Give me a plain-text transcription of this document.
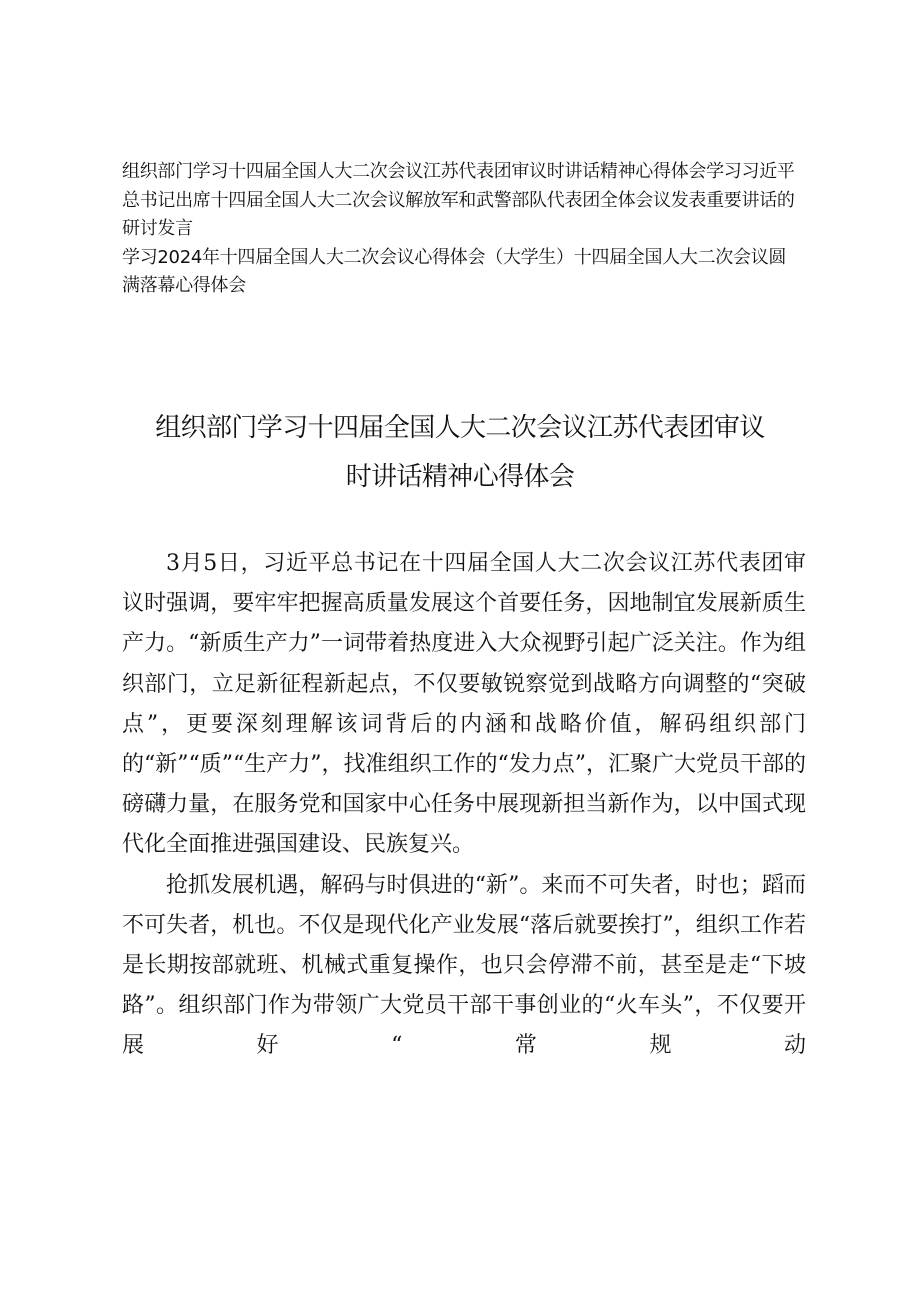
组织部门学习十四届全国人大二次会议江苏代表团审议时讲话精神心得体会学习习近平总书记出席十四届全国人大二次会议解放军和武警部队代表团全体会议发表重要讲话的研讨发言

学习2024年十四届全国人大二次会议心得体会（大学生）十四届全国人大二次会议圆满落幕心得体会

组织部门学习十四届全国人大二次会议江苏代表团审议

时讲话精神心得体会

3月5日，习近平总书记在十四届全国人大二次会议江苏代表团审议时强调，要牢牢把握高质量发展这个首要任务，因地制宜发展新质生产力。“新质生产力”一词带着热度进入大众视野引起广泛关注。作为组织部门，立足新征程新起点，不仅要敏锐察觉到战略方向调整的“突破点”，更要深刻理解该词背后的内涵和战略价值，解码组织部门的“新”“质”“生产力”，找准组织工作的“发力点”，汇聚广大党员干部的磅礴力量，在服务党和国家中心任务中展现新担当新作为，以中国式现代化全面推进强国建设、民族复兴。

抢抓发展机遇，解码与时俱进的“新”。来而不可失者，时也；蹈而不可失者，机也。不仅是现代化产业发展“落后就要挨打”，组织工作若是长期按部就班、机械式重复操作，也只会停滞不前，甚至是走“下坡路”。组织部门作为带领广大党员干部干事创业的“火车头”，不仅要开展好“常规动
